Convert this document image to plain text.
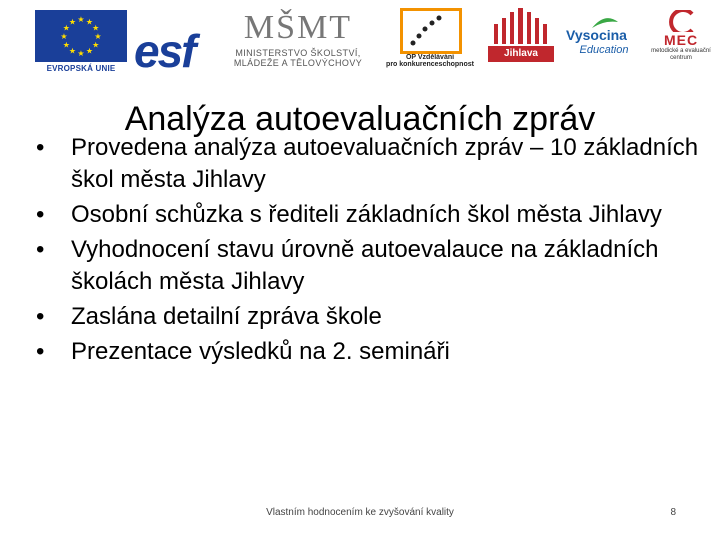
★
★
★
★
★
★
★
★
★ ★ ★
★
EVROPSKÁ UNIE esf	MŠMT
MINISTERSTVO ŠKOLSTVÍ,
MLÁDEŽE A TĚLOVÝCHOVY
OP Vzdělávání
pro konkurenceschopnost
Jihlava
Vysocina
Education
MEC
metodické a evaluační
centrum
Analýza autoevaluačních zpráv
• Provedena analýza autoevaluačních zpráv – 10 základních škol města Jihlavy
• Osobní schůzka s řediteli základních škol města Jihlavy
• Vyhodnocení stavu úrovně autoevalauce na základních školách města Jihlavy
• Zaslána detailní zpráva škole
• Prezentace výsledků na 2. semináři
Vlastním hodnocením ke zvyšování kvality	8
